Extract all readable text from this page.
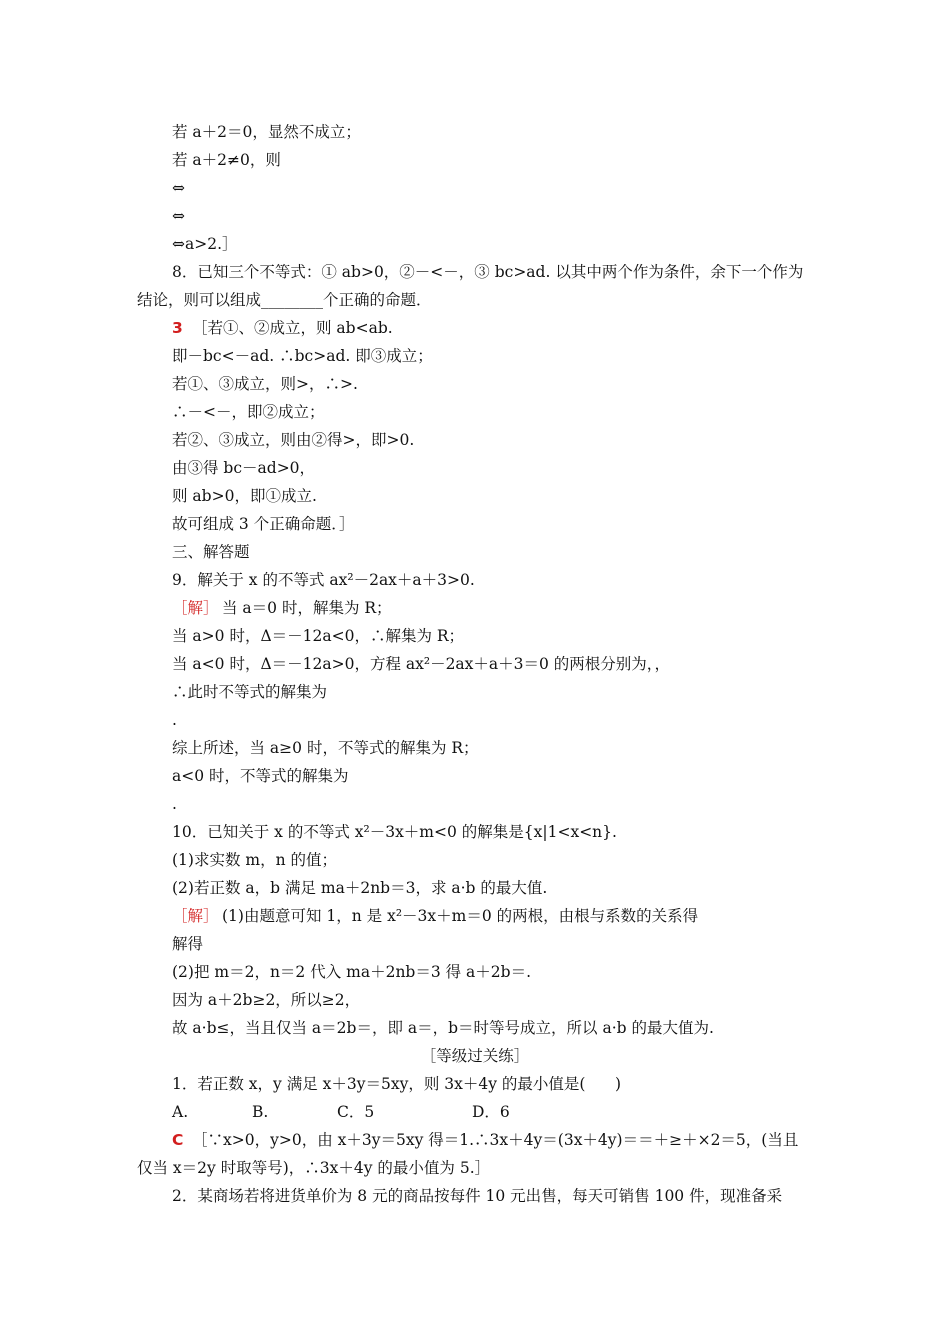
若 a＋2＝0，显然不成立；
若 a＋2≠0，则
⇔
⇔
⇔a>2.］
8．已知三个不等式：① ab>0，②－<－，③ bc>ad. 以其中两个作为条件，余下一个作为
结论，则可以组成________个正确的命题．
3 ［若①、②成立，则 ab<ab.
即－bc<－ad. ∴bc>ad. 即③成立；
若①、③成立，则>，∴>.
∴－<－，即②成立；
若②、③成立，则由②得>，即>0.
由③得 bc－ad>0，
则 ab>0，即①成立.
故可组成 3 个正确命题．］
三、解答题
9．解关于 x 的不等式 ax²－2ax＋a＋3>0.
［解］ 当 a＝0 时，解集为 R；
当 a>0 时，Δ＝－12a<0，∴解集为 R；
当 a<0 时，Δ＝－12a>0，方程 ax²－2ax＋a＋3＝0 的两根分别为，，
∴此时不等式的解集为
.
综上所述，当 a≥0 时，不等式的解集为 R；
a<0 时，不等式的解集为
.
10．已知关于 x 的不等式 x²－3x＋m<0 的解集是{x|1<x<n}.
(1)求实数 m，n 的值；
(2)若正数 a，b 满足 ma＋2nb＝3，求 a·b 的最大值.
［解］ (1)由题意可知 1，n 是 x²－3x＋m＝0 的两根，由根与系数的关系得
解得
(2)把 m＝2，n＝2 代入 ma＋2nb＝3 得 a＋2b＝.
因为 a＋2b≥2，所以≥2，
故 a·b≤，当且仅当 a＝2b＝，即 a＝，b＝时等号成立，所以 a·b 的最大值为.
［等级过关练］
1．若正数 x，y 满足 x＋3y＝5xy，则 3x＋4y 的最小值是(      )
A.	B.	C．5	D．6
C ［∵x>0，y>0，由 x＋3y＝5xy 得＝1.∴3x＋4y＝(3x＋4y)＝＝＋≥＋×2＝5，(当且
仅当 x＝2y 时取等号)，∴3x＋4y 的最小值为 5.］
2．某商场若将进货单价为 8 元的商品按每件 10 元出售，每天可销售 100 件，现准备采
